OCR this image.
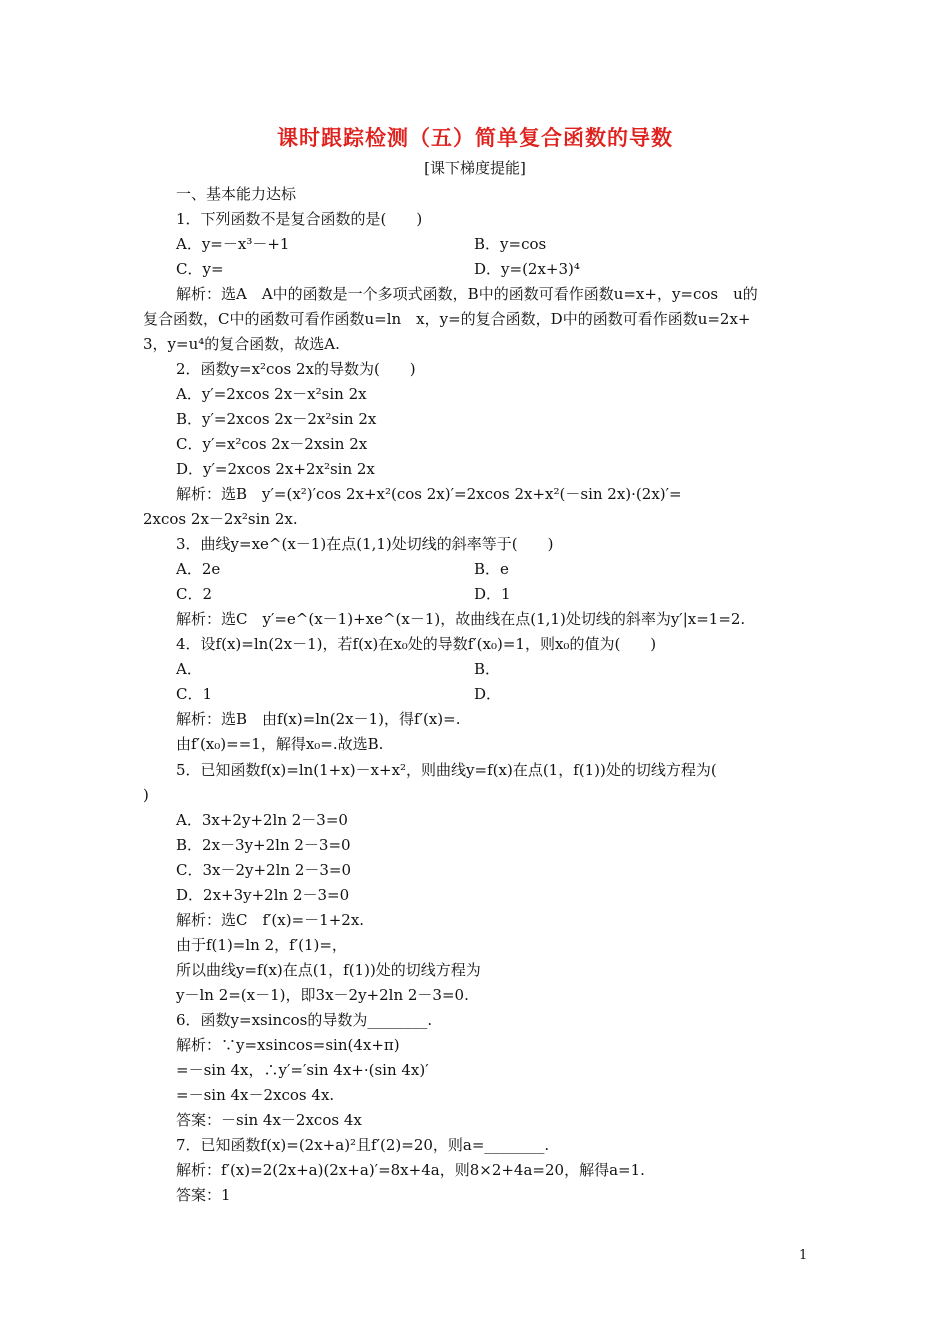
课时跟踪检测（五）简单复合函数的导数
[课下梯度提能]
一、基本能力达标
1．下列函数不是复合函数的是(　　)
A．y=－x³－+1	B．y=cos
C．y=	D．y=(2x+3)⁴
解析：选A　A中的函数是一个多项式函数，B中的函数可看作函数u=x+，y=cos　u的
复合函数，C中的函数可看作函数u=ln　x，y=的复合函数，D中的函数可看作函数u=2x+
3，y=u⁴的复合函数，故选A.
2．函数y=x²cos 2x的导数为(　　)
A．y′=2xcos 2x－x²sin 2x
B．y′=2xcos 2x－2x²sin 2x
C．y′=x²cos 2x－2xsin 2x
D．y′=2xcos 2x+2x²sin 2x
解析：选B　y′=(x²)′cos 2x+x²(cos 2x)′=2xcos 2x+x²(－sin 2x)·(2x)′=
2xcos 2x－2x²sin 2x.
3．曲线y=xe^(x－1)在点(1,1)处切线的斜率等于(　　)
A．2e	B．e
C．2	D．1
解析：选C　y′=e^(x－1)+xe^(x－1)，故曲线在点(1,1)处切线的斜率为y′|x=1=2.
4．设f(x)=ln(2x－1)，若f(x)在x₀处的导数f′(x₀)=1，则x₀的值为(　　)
A．	B．
C．1	D．
解析：选B　由f(x)=ln(2x－1)，得f′(x)=.
由f′(x₀)==1，解得x₀=.故选B.
5．已知函数f(x)=ln(1+x)－x+x²，则曲线y=f(x)在点(1，f(1))处的切线方程为(
)
A．3x+2y+2ln 2－3=0
B．2x－3y+2ln 2－3=0
C．3x－2y+2ln 2－3=0
D．2x+3y+2ln 2－3=0
解析：选C　f′(x)=－1+2x.
由于f(1)=ln 2，f′(1)=，
所以曲线y=f(x)在点(1，f(1))处的切线方程为
y－ln 2=(x－1)，即3x－2y+2ln 2－3=0.
6．函数y=xsincos的导数为________.
解析：∵y=xsincos=sin(4x+π)
=－sin 4x，∴y′=′sin 4x+·(sin 4x)′
=－sin 4x－2xcos 4x.
答案：－sin 4x－2xcos 4x
7．已知函数f(x)=(2x+a)²且f′(2)=20，则a=________.
解析：f′(x)=2(2x+a)(2x+a)′=8x+4a，则8×2+4a=20，解得a=1.
答案：1
1
